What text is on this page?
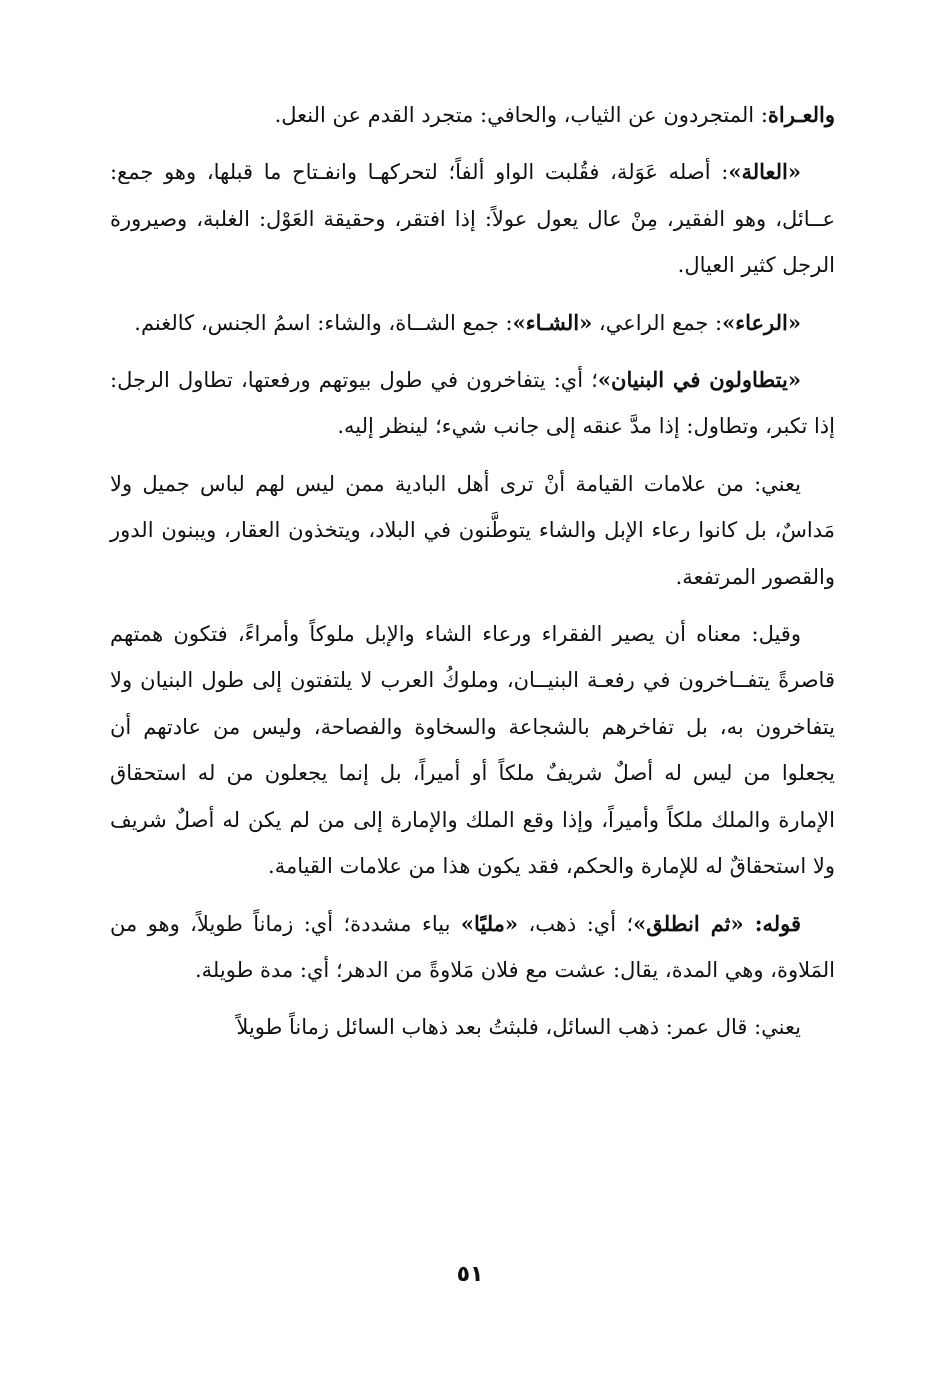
والعـراة: المتجردون عن الثياب، والحافي: متجرد القدم عن النعل.

«العالة»: أصله عَوَلة، فقُلبت الواو ألفاً؛ لتحركهـا وانفـتاح ما قبلها، وهو جمع: عــائل، وهو الفقير، مِنْ عال يعول عولاً: إذا افتقر، وحقيقة العَوْل: الغلبة، وصيرورة الرجل كثير العيال.

«الرعاء»: جمع الراعي، «الشـاء»: جمع الشــاة، والشاء: اسمُ الجنس، كالغنم.

«يتطاولون في البنيان»؛ أي: يتفاخرون في طول بيوتهم ورفعتها، تطاول الرجل: إذا تكبر، وتطاول: إذا مدَّ عنقه إلى جانب شيء؛ لينظر إليه.

يعني: من علامات القيامة أنْ ترى أهل البادية ممن ليس لهم لباس جميل ولا مَداسٌ، بل كانوا رعاء الإبل والشاء يتوطَّنون في البلاد، ويتخذون العقار، ويبنون الدور والقصور المرتفعة.

وقيل: معناه أن يصير الفقراء ورعاء الشاء والإبل ملوكاً وأمراءً، فتكون همتهم قاصرةً يتفــاخرون في رفعـة البنيــان، وملوكُ العرب لا يلتفتون إلى طول البنيان ولا يتفاخرون به، بل تفاخرهم بالشجاعة والسخاوة والفصاحة، وليس من عادتهم أن يجعلوا من ليس له أصلٌ شريفٌ ملكاً أو أميراً، بل إنما يجعلون من له استحقاق الإمارة والملك ملكاً وأميراً، وإذا وقع الملك والإمارة إلى من لم يكن له أصلٌ شريف ولا استحقاقٌ له للإمارة والحكم، فقد يكون هذا من علامات القيامة.

قوله: «ثم انطلق»؛ أي: ذهب، «مليًا» بياء مشددة؛ أي: زماناً طويلاً، وهو من المَلاوة، وهي المدة، يقال: عشت مع فلان مَلاوةً من الدهر؛ أي: مدة طويلة.

يعني: قال عمر: ذهب السائل، فلبثتُ بعد ذهاب السائل زماناً طويلاً

٥١
